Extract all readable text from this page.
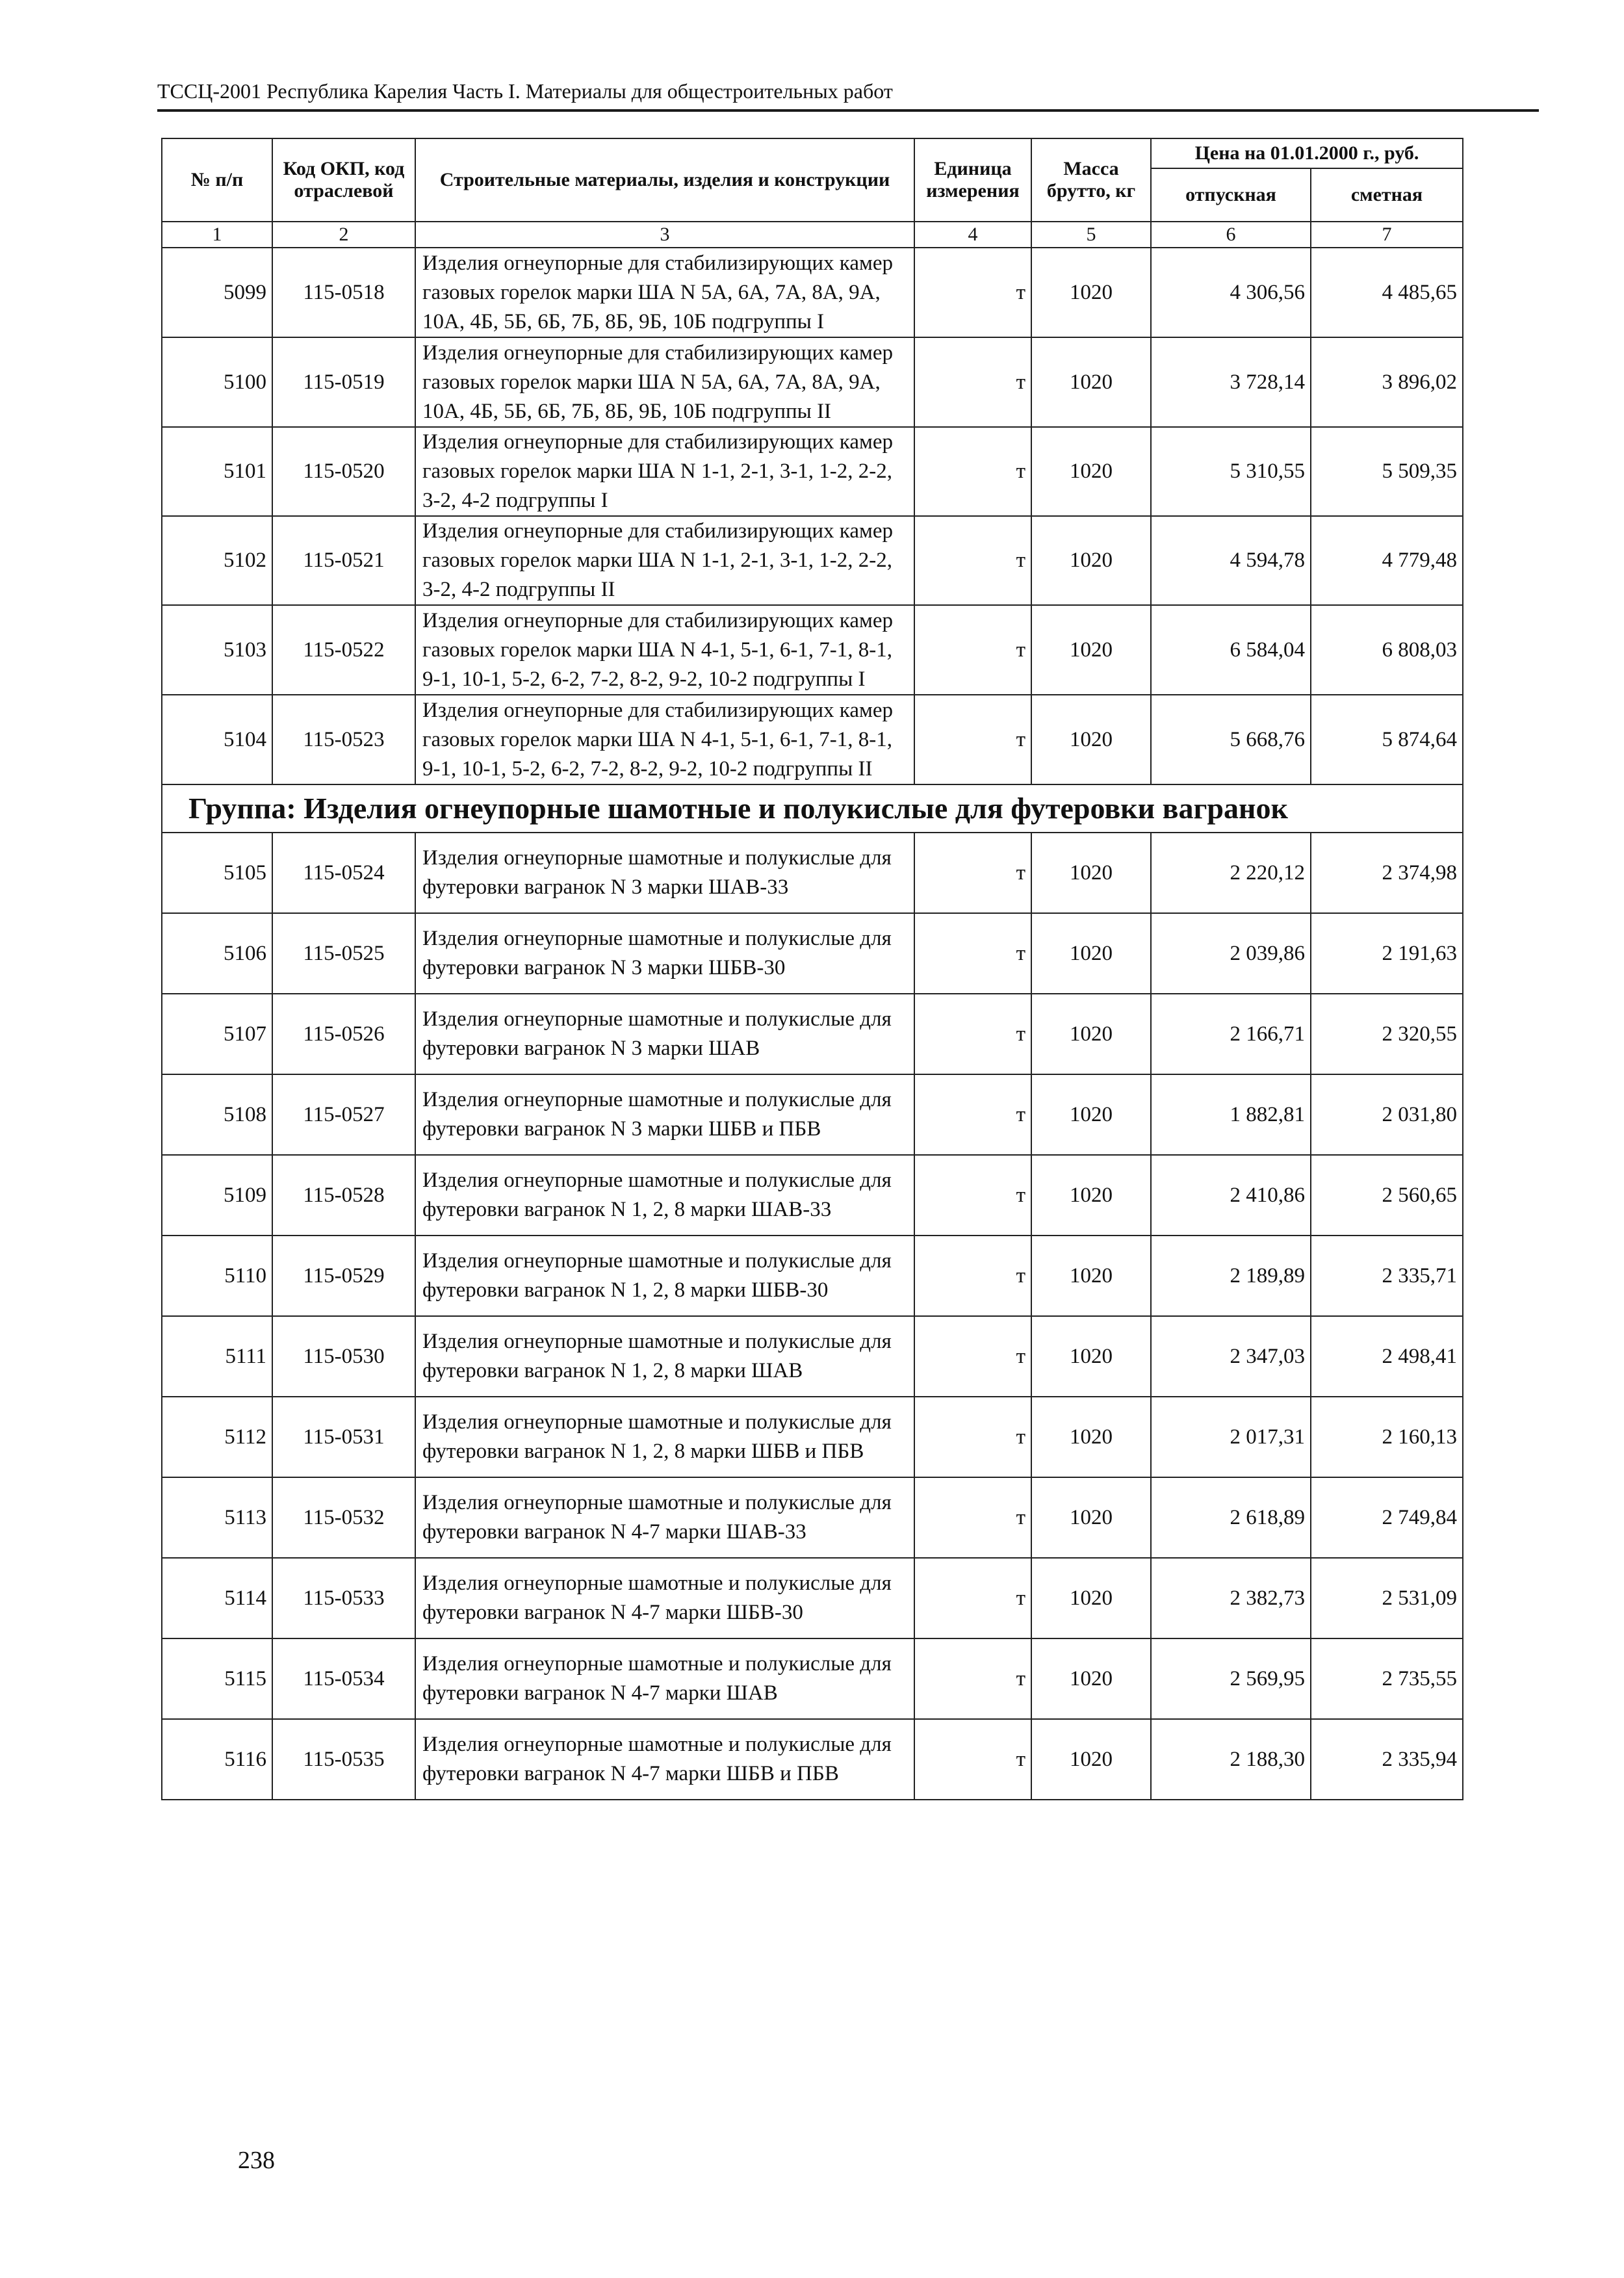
ТССЦ-2001 Республика Карелия Часть I. Материалы для общестроительных работ
№ п/п	Код ОКП, код отраслевой	Строительные материалы, изделия и конструкции	Единица измерения	Масса брутто, кг	Цена на 01.01.2000 г., руб.	
					отпускная	сметная
1	2	3	4	5	6	7
5099	115-0518	Изделия огнеупорные для стабилизирующих камер газовых горелок марки ША N 5А, 6А, 7А, 8А, 9А, 10А, 4Б, 5Б, 6Б, 7Б, 8Б, 9Б, 10Б подгруппы I	т	1020	4 306,56	4 485,65
5100	115-0519	Изделия огнеупорные для стабилизирующих камер газовых горелок марки ША N 5А, 6А, 7А, 8А, 9А, 10А, 4Б, 5Б, 6Б, 7Б, 8Б, 9Б, 10Б подгруппы II	т	1020	3 728,14	3 896,02
5101	115-0520	Изделия огнеупорные для стабилизирующих камер газовых горелок марки ША N 1-1, 2-1, 3-1, 1-2, 2-2, 3-2, 4-2 подгруппы I	т	1020	5 310,55	5 509,35
5102	115-0521	Изделия огнеупорные для стабилизирующих камер газовых горелок марки ША N 1-1, 2-1, 3-1, 1-2, 2-2, 3-2, 4-2 подгруппы II	т	1020	4 594,78	4 779,48
5103	115-0522	Изделия огнеупорные для стабилизирующих камер газовых горелок марки ША N 4-1, 5-1, 6-1, 7-1, 8-1, 9-1, 10-1, 5-2, 6-2, 7-2, 8-2, 9-2, 10-2 подгруппы I	т	1020	6 584,04	6 808,03
5104	115-0523	Изделия огнеупорные для стабилизирующих камер газовых горелок марки ША N 4-1, 5-1, 6-1, 7-1, 8-1, 9-1, 10-1, 5-2, 6-2, 7-2, 8-2, 9-2, 10-2 подгруппы II	т	1020	5 668,76	5 874,64
Группа: Изделия огнеупорные шамотные и полукислые для футеровки вагранок						
5105	115-0524	Изделия огнеупорные шамотные и полукислые для футеровки вагранок N 3 марки ШАВ-33	т	1020	2 220,12	2 374,98
5106	115-0525	Изделия огнеупорные шамотные и полукислые для футеровки вагранок N 3 марки ШБВ-30	т	1020	2 039,86	2 191,63
5107	115-0526	Изделия огнеупорные шамотные и полукислые для футеровки вагранок N 3 марки ШАВ	т	1020	2 166,71	2 320,55
5108	115-0527	Изделия огнеупорные шамотные и полукислые для футеровки вагранок N 3 марки ШБВ и ПБВ	т	1020	1 882,81	2 031,80
5109	115-0528	Изделия огнеупорные шамотные и полукислые для футеровки вагранок N 1, 2, 8 марки ШАВ-33	т	1020	2 410,86	2 560,65
5110	115-0529	Изделия огнеупорные шамотные и полукислые для футеровки вагранок N 1, 2, 8 марки ШБВ-30	т	1020	2 189,89	2 335,71
5111	115-0530	Изделия огнеупорные шамотные и полукислые для футеровки вагранок N 1, 2, 8 марки ШАВ	т	1020	2 347,03	2 498,41
5112	115-0531	Изделия огнеупорные шамотные и полукислые для футеровки вагранок N 1, 2, 8 марки ШБВ и ПБВ	т	1020	2 017,31	2 160,13
5113	115-0532	Изделия огнеупорные шамотные и полукислые для футеровки вагранок N 4-7 марки ШАВ-33	т	1020	2 618,89	2 749,84
5114	115-0533	Изделия огнеупорные шамотные и полукислые для футеровки вагранок N 4-7 марки ШБВ-30	т	1020	2 382,73	2 531,09
5115	115-0534	Изделия огнеупорные шамотные и полукислые для футеровки вагранок N 4-7 марки ШАВ	т	1020	2 569,95	2 735,55
5116	115-0535	Изделия огнеупорные шамотные и полукислые для футеровки вагранок N 4-7 марки ШБВ и ПБВ	т	1020	2 188,30	2 335,94
238
